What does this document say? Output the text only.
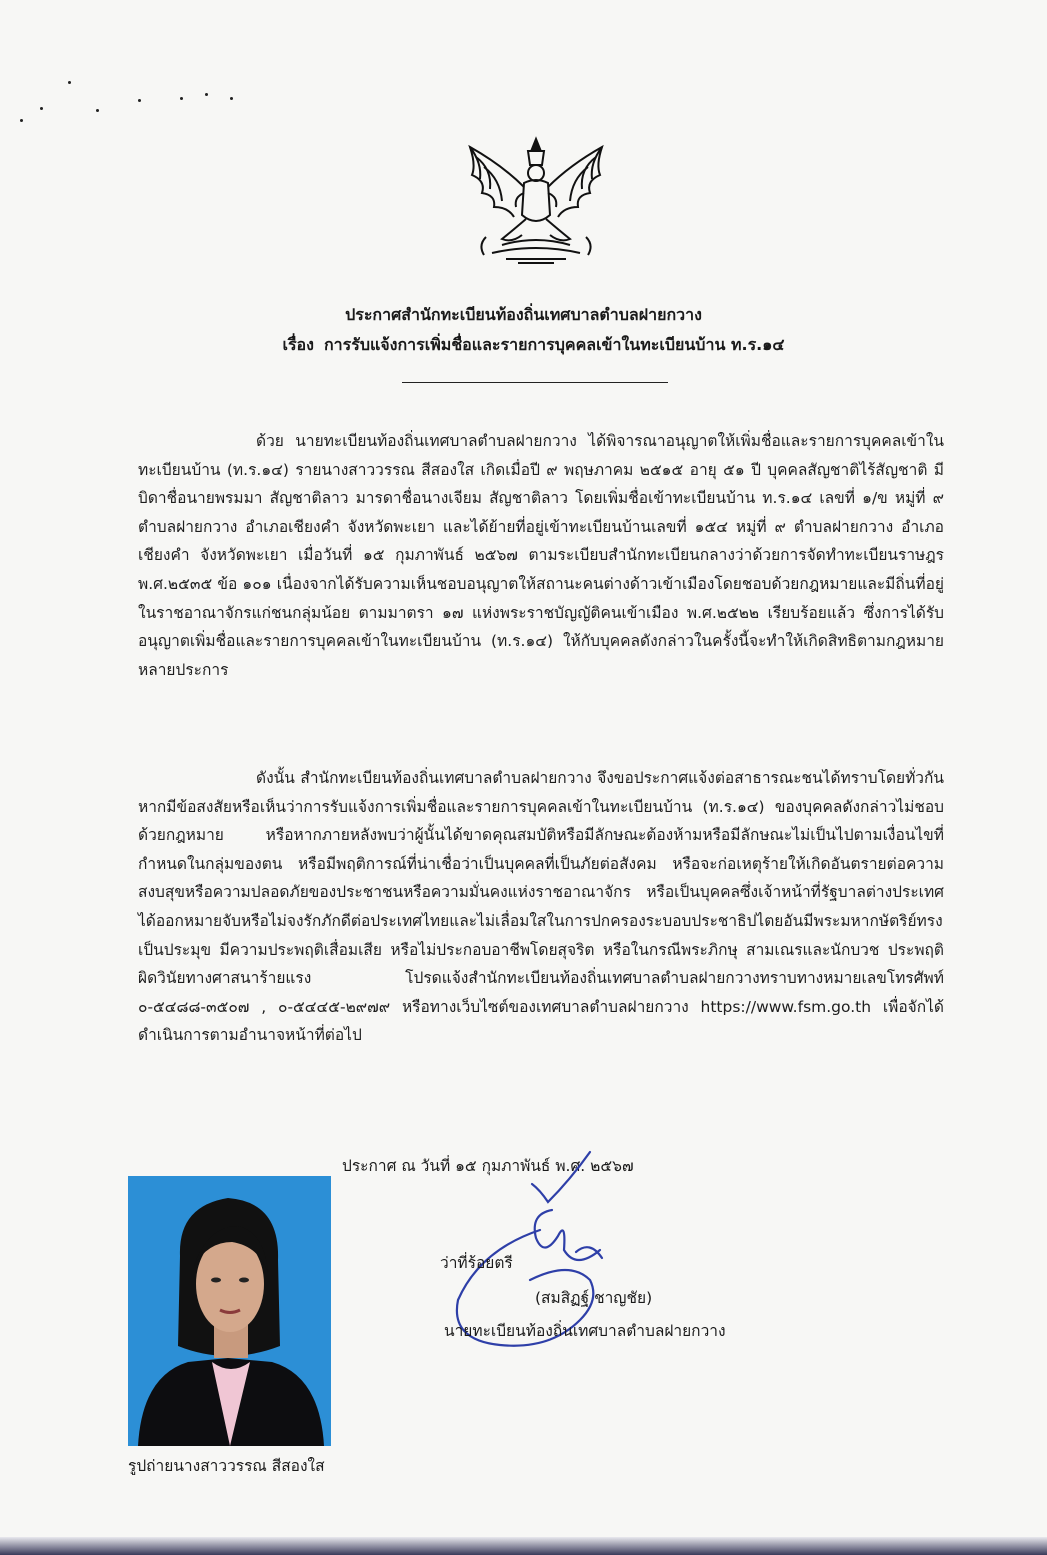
ประกาศสำนักทะเบียนท้องถิ่นเทศบาลตำบลฝายกวาง
เรื่อง การรับแจ้งการเพิ่มชื่อและรายการบุคคลเข้าในทะเบียนบ้าน ท.ร.๑๔
ด้วย นายทะเบียนท้องถิ่นเทศบาลตำบลฝายกวาง ได้พิจารณาอนุญาตให้เพิ่มชื่อและรายการบุคคลเข้าในทะเบียนบ้าน (ท.ร.๑๔) รายนางสาววรรณ สีสองใส เกิดเมื่อปี ๙ พฤษภาคม ๒๕๑๕ อายุ ๕๑ ปี บุคคลสัญชาติไร้สัญชาติ มีบิดาชื่อนายพรมมา สัญชาติลาว มารดาชื่อนางเจียม สัญชาติลาว โดยเพิ่มชื่อเข้าทะเบียนบ้าน ท.ร.๑๔ เลขที่ ๑/ข หมู่ที่ ๙ ตำบลฝายกวาง อำเภอเชียงคำ จังหวัดพะเยา และได้ย้ายที่อยู่เข้าทะเบียนบ้านเลขที่ ๑๕๔ หมู่ที่ ๙ ตำบลฝายกวาง อำเภอเชียงคำ จังหวัดพะเยา เมื่อวันที่ ๑๕ กุมภาพันธ์ ๒๕๖๗ ตามระเบียบสำนักทะเบียนกลางว่าด้วยการจัดทำทะเบียนราษฎร พ.ศ.๒๕๓๕ ข้อ ๑๐๑ เนื่องจากได้รับความเห็นชอบอนุญาตให้สถานะคนต่างด้าวเข้าเมืองโดยชอบด้วยกฎหมายและมีถิ่นที่อยู่ในราชอาณาจักรแก่ชนกลุ่มน้อย ตามมาตรา ๑๗ แห่งพระราชบัญญัติคนเข้าเมือง พ.ศ.๒๕๒๒ เรียบร้อยแล้ว ซึ่งการได้รับอนุญาตเพิ่มชื่อและรายการบุคคลเข้าในทะเบียนบ้าน (ท.ร.๑๔) ให้กับบุคคลดังกล่าวในครั้งนี้จะทำให้เกิดสิทธิตามกฎหมายหลายประการ
ดังนั้น สำนักทะเบียนท้องถิ่นเทศบาลตำบลฝายกวาง จึงขอประกาศแจ้งต่อสาธารณะชนได้ทราบโดยทั่วกัน หากมีข้อสงสัยหรือเห็นว่าการรับแจ้งการเพิ่มชื่อและรายการบุคคลเข้าในทะเบียนบ้าน (ท.ร.๑๔) ของบุคคลดังกล่าวไม่ชอบด้วยกฎหมาย หรือหากภายหลังพบว่าผู้นั้นได้ขาดคุณสมบัติหรือมีลักษณะต้องห้ามหรือมีลักษณะไม่เป็นไปตามเงื่อนไขที่กำหนดในกลุ่มของตน หรือมีพฤติการณ์ที่น่าเชื่อว่าเป็นบุคคลที่เป็นภัยต่อสังคม หรือจะก่อเหตุร้ายให้เกิดอันตรายต่อความสงบสุขหรือความปลอดภัยของประชาชนหรือความมั่นคงแห่งราชอาณาจักร หรือเป็นบุคคลซึ่งเจ้าหน้าที่รัฐบาลต่างประเทศได้ออกหมายจับหรือไม่จงรักภักดีต่อประเทศไทยและไม่เลื่อมใสในการปกครองระบอบประชาธิปไตยอันมีพระมหากษัตริย์ทรงเป็นประมุข มีความประพฤติเสื่อมเสีย หรือไม่ประกอบอาชีพโดยสุจริต หรือในกรณีพระภิกษุ สามเณรและนักบวช ประพฤติผิดวินัยทางศาสนาร้ายแรง โปรดแจ้งสำนักทะเบียนท้องถิ่นเทศบาลตำบลฝายกวางทราบทางหมายเลขโทรศัพท์ ๐-๕๔๘๘-๓๕๐๗ , ๐-๕๔๔๕-๒๙๗๙ หรือทางเว็บไซต์ของเทศบาลตำบลฝายกวาง https://www.fsm.go.th เพื่อจักได้ดำเนินการตามอำนาจหน้าที่ต่อไป
ประกาศ ณ วันที่ ๑๕ กุมภาพันธ์ พ.ศ. ๒๕๖๗
ว่าที่ร้อยตรี
(สมสิฏฐ์ ชาญชัย)
นายทะเบียนท้องถิ่นเทศบาลตำบลฝายกวาง
รูปถ่ายนางสาววรรณ สีสองใส
